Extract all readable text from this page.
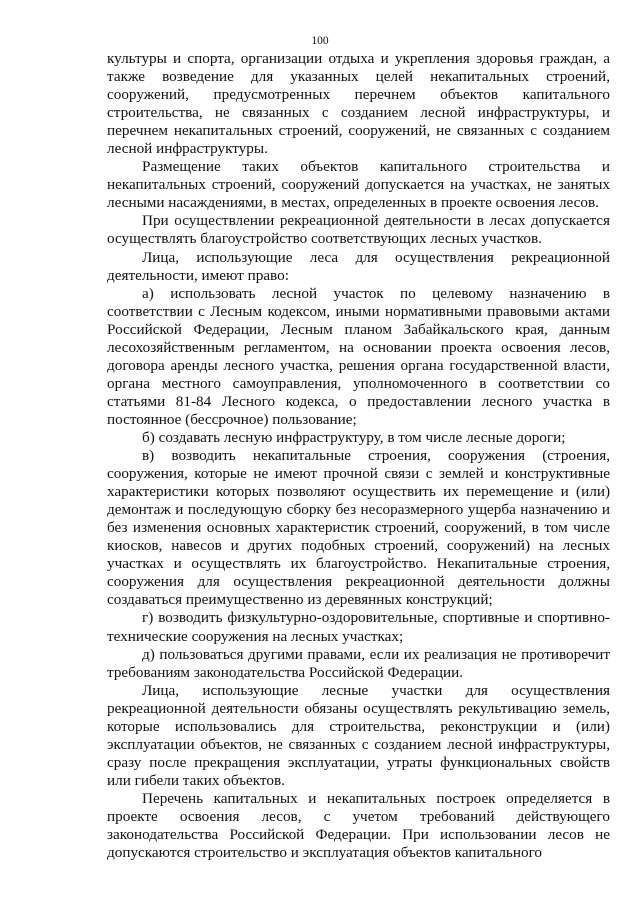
100

культуры и спорта, организации отдыха и укрепления здоровья граждан, а также возведение для указанных целей некапитальных строений, сооружений, предусмотренных перечнем объектов капитального строительства, не связанных с созданием лесной инфраструктуры, и перечнем некапитальных строений, сооружений, не связанных с созданием лесной инфраструктуры.

Размещение таких объектов капитального строительства и некапитальных строений, сооружений допускается на участках, не занятых лесными насаждениями, в местах, определенных в проекте освоения лесов.

При осуществлении рекреационной деятельности в лесах допускается осуществлять благоустройство соответствующих лесных участков.

Лица, использующие леса для осуществления рекреационной деятельности, имеют право:

а) использовать лесной участок по целевому назначению в соответствии с Лесным кодексом, иными нормативными правовыми актами Российской Федерации, Лесным планом Забайкальского края, данным лесохозяйственным регламентом, на основании проекта освоения лесов, договора аренды лесного участка, решения органа государственной власти, органа местного самоуправления, уполномоченного в соответствии со статьями 81-84 Лесного кодекса, о предоставлении лесного участка в постоянное (бессрочное) пользование;

б) создавать лесную инфраструктуру, в том числе лесные дороги;

в) возводить некапитальные строения, сооружения (строения, сооружения, которые не имеют прочной связи с землей и конструктивные характеристики которых позволяют осуществить их перемещение и (или) демонтаж и последующую сборку без несоразмерного ущерба назначению и без изменения основных характеристик строений, сооружений, в том числе киосков, навесов и других подобных строений, сооружений) на лесных участках и осуществлять их благоустройство. Некапитальные строения, сооружения для осуществления рекреационной деятельности должны создаваться преимущественно из деревянных конструкций;

г) возводить физкультурно-оздоровительные, спортивные и спортивно-технические сооружения на лесных участках;

д) пользоваться другими правами, если их реализация не противоречит требованиям законодательства Российской Федерации.

Лица, использующие лесные участки для осуществления рекреационной деятельности обязаны осуществлять рекультивацию земель, которые использовались для строительства, реконструкции и (или) эксплуатации объектов, не связанных с созданием лесной инфраструктуры, сразу после прекращения эксплуатации, утраты функциональных свойств или гибели таких объектов.

Перечень капитальных и некапитальных построек определяется в проекте освоения лесов, с учетом требований действующего законодательства Российской Федерации. При использовании лесов не допускаются строительство и эксплуатация объектов капитального
